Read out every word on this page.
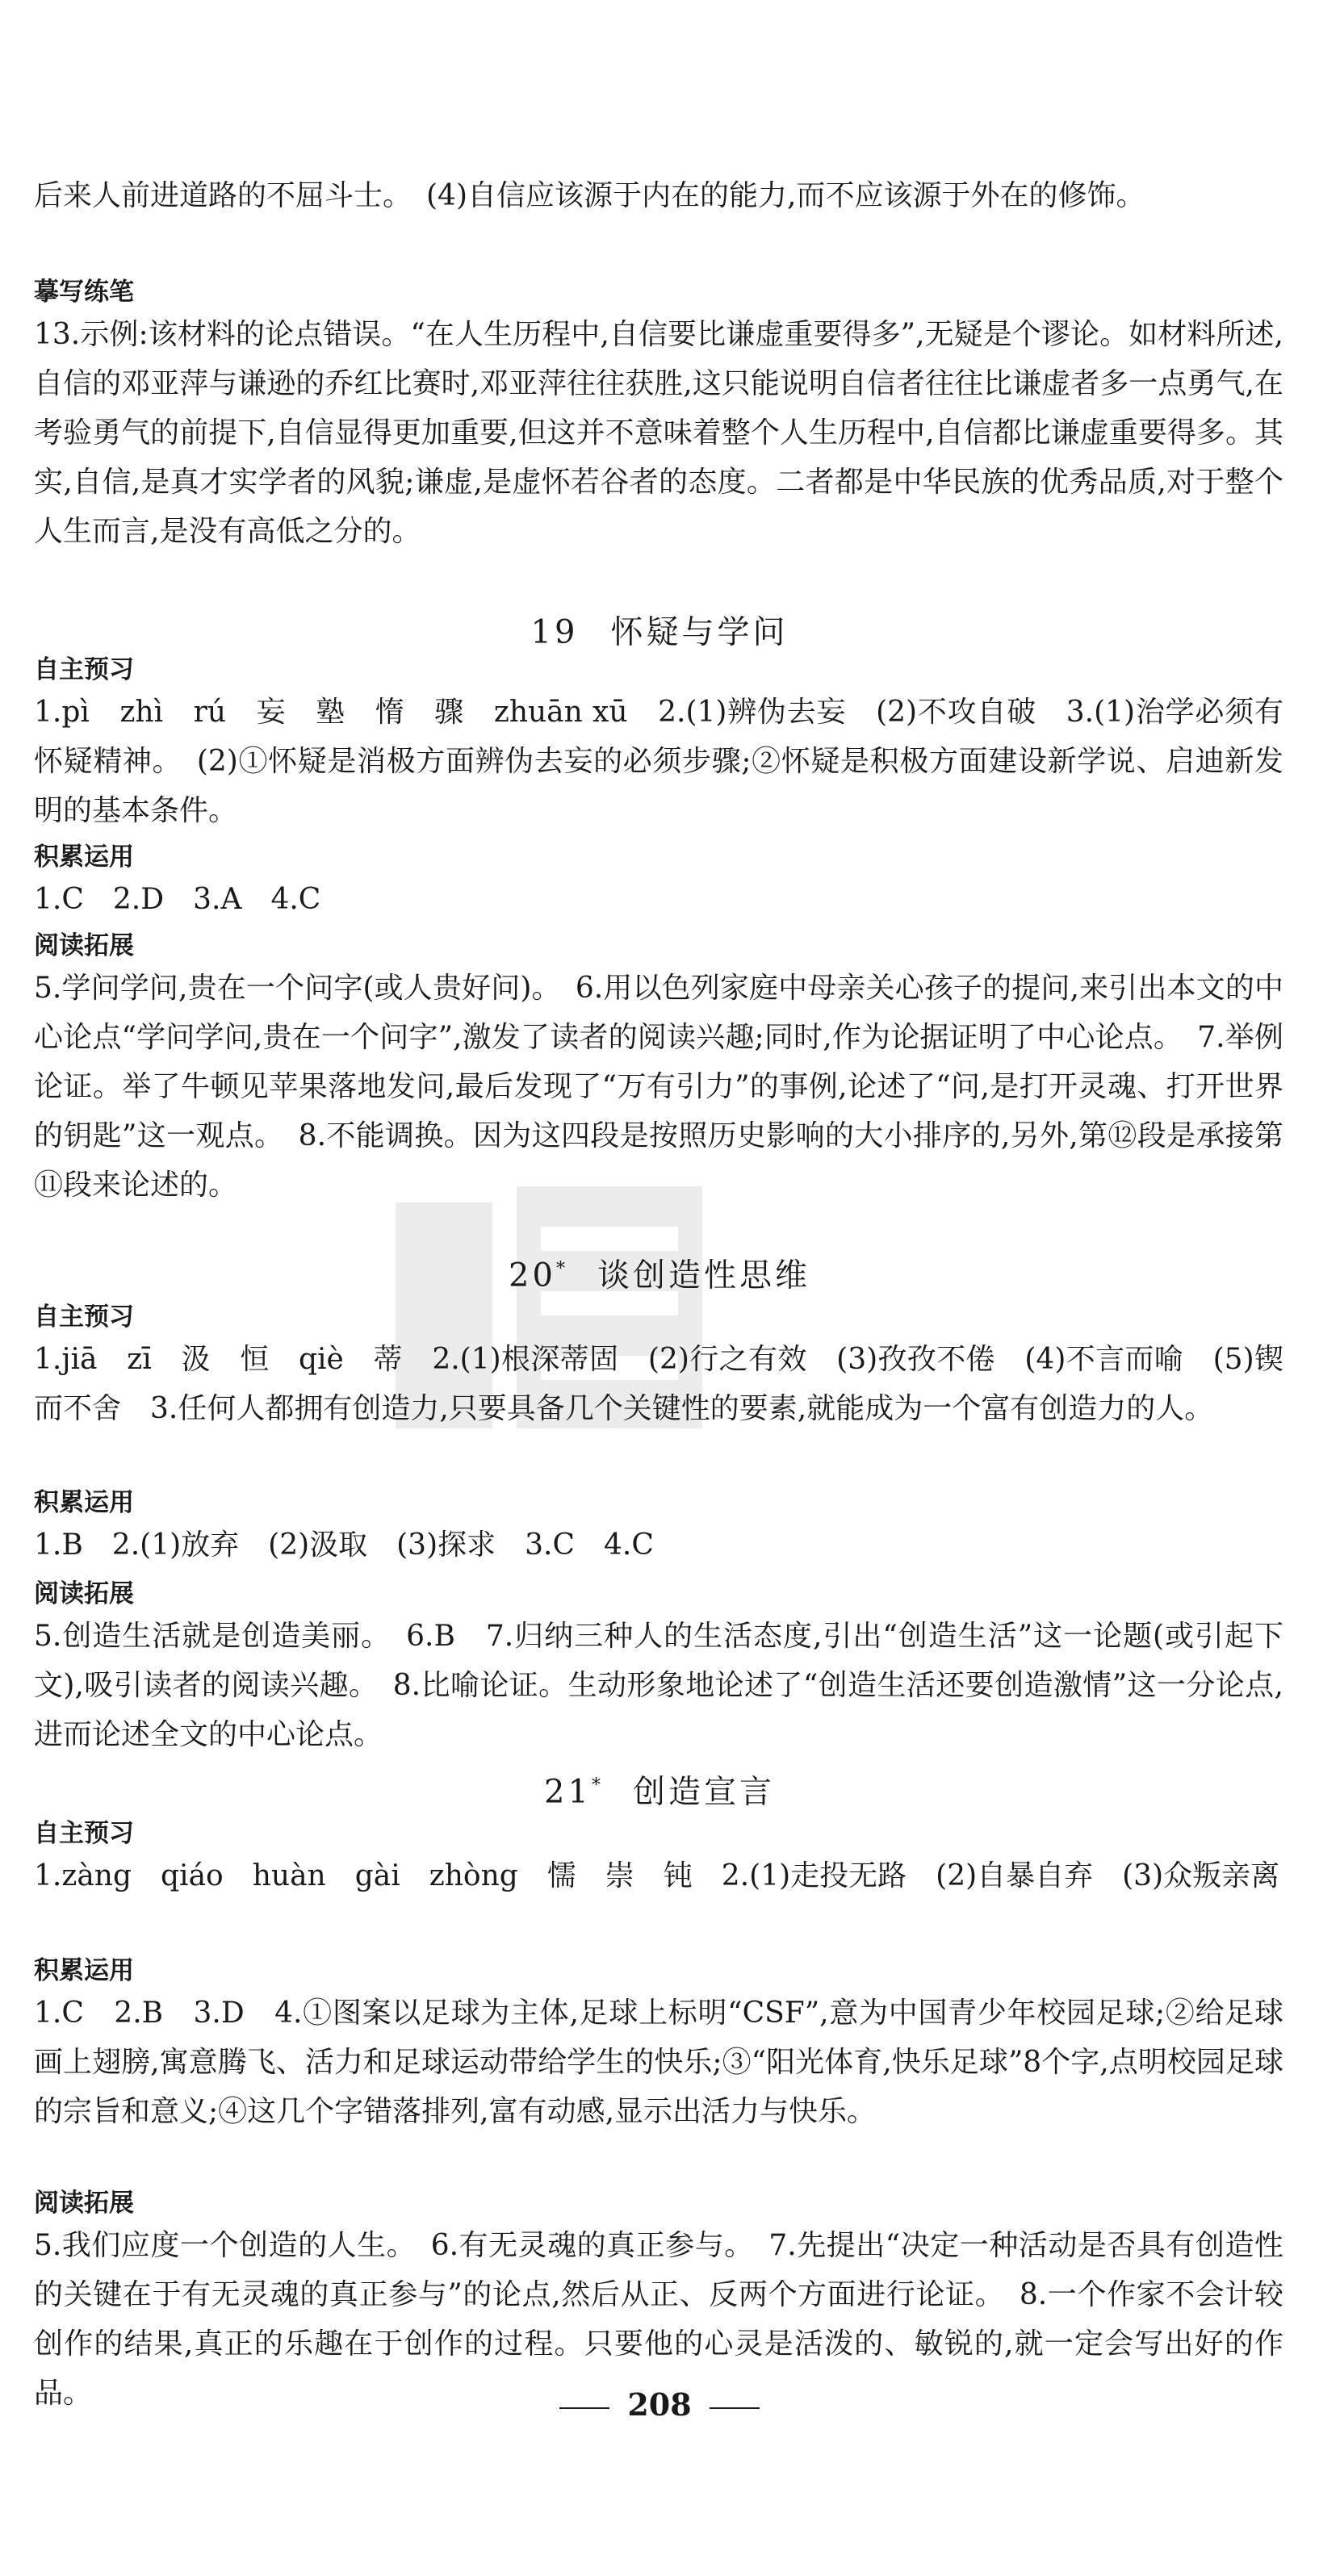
后来人前进道路的不屈斗士。　(4)自信应该源于内在的能力,而不应该源于外在的修饰。

摹写练笔

13.示例:该材料的论点错误。“在人生历程中,自信要比谦虚重要得多”,无疑是个谬论。如材料所述,自信的邓亚萍与谦逊的乔红比赛时,邓亚萍往往获胜,这只能说明自信者往往比谦虚者多一点勇气,在考验勇气的前提下,自信显得更加重要,但这并不意味着整个人生历程中,自信都比谦虚重要得多。其实,自信,是真才实学者的风貌;谦虚,是虚怀若谷者的态度。二者都是中华民族的优秀品质,对于整个人生而言,是没有高低之分的。

19 怀疑与学问

自主预习

1.pì　zhì　rú　妄　塾　惰　骤　zhuān xū　2.(1)辨伪去妄　(2)不攻自破　3.(1)治学必须有怀疑精神。　(2)①怀疑是消极方面辨伪去妄的必须步骤;②怀疑是积极方面建设新学说、启迪新发明的基本条件。

积累运用

1.C　2.D　3.A　4.C

阅读拓展

5.学问学问,贵在一个问字(或人贵好问)。　6.用以色列家庭中母亲关心孩子的提问,来引出本文的中心论点“学问学问,贵在一个问字”,激发了读者的阅读兴趣;同时,作为论据证明了中心论点。　7.举例论证。举了牛顿见苹果落地发问,最后发现了“万有引力”的事例,论述了“问,是打开灵魂、打开世界的钥匙”这一观点。　8.不能调换。因为这四段是按照历史影响的大小排序的,另外,第⑫段是承接第⑪段来论述的。

20* 谈创造性思维

自主预习

1.jiā　zī　汲　恒　qiè　蒂　2.(1)根深蒂固　(2)行之有效　(3)孜孜不倦　(4)不言而喻　(5)锲而不舍　3.任何人都拥有创造力,只要具备几个关键性的要素,就能成为一个富有创造力的人。

积累运用

1.B　2.(1)放弃　(2)汲取　(3)探求　3.C　4.C

阅读拓展

5.创造生活就是创造美丽。　6.B　7.归纳三种人的生活态度,引出“创造生活”这一论题(或引起下文),吸引读者的阅读兴趣。　8.比喻论证。生动形象地论述了“创造生活还要创造激情”这一分论点,进而论述全文的中心论点。

21* 创造宣言

自主预习

1.zàng　qiáo　huàn　gài　zhòng　懦　崇　钝　2.(1)走投无路　(2)自暴自弃　(3)众叛亲离

积累运用

1.C　2.B　3.D　4.①图案以足球为主体,足球上标明“CSF”,意为中国青少年校园足球;②给足球画上翅膀,寓意腾飞、活力和足球运动带给学生的快乐;③“阳光体育,快乐足球”8个字,点明校园足球的宗旨和意义;④这几个字错落排列,富有动感,显示出活力与快乐。

阅读拓展

5.我们应度一个创造的人生。　6.有无灵魂的真正参与。　7.先提出“决定一种活动是否具有创造性的关键在于有无灵魂的真正参与”的论点,然后从正、反两个方面进行论证。　8.一个作家不会计较创作的结果,真正的乐趣在于创作的过程。只要他的心灵是活泼的、敏锐的,就一定会写出好的作品。	208
